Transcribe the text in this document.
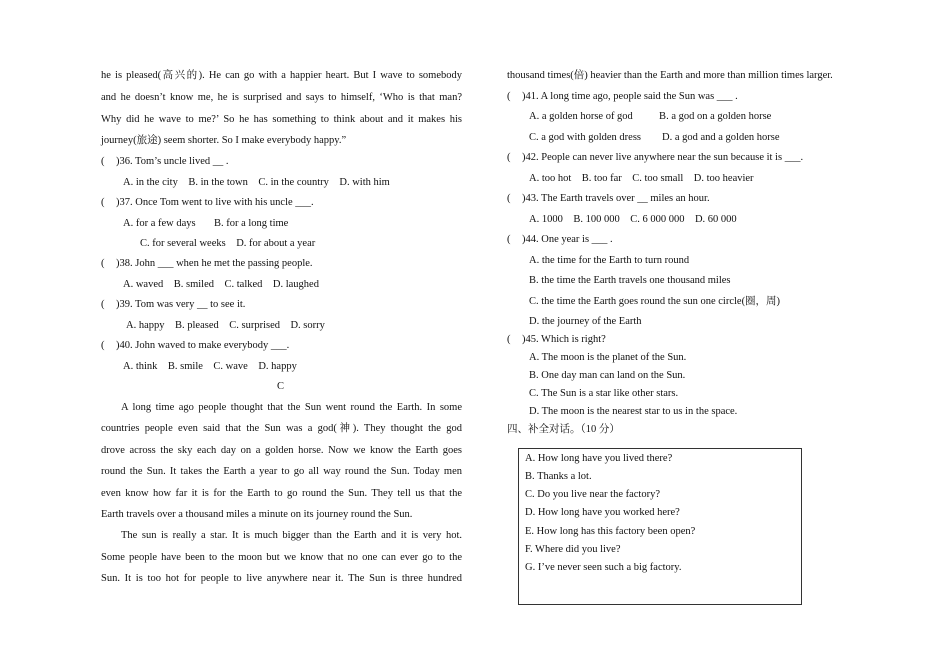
he is pleased(高兴的). He can go with a happier heart. But I wave to somebody
and he doesn’t know me, he is surprised and says to himself, ‘Who is that man?
Why did he wave to me?’ So he has something to think about and it makes his
journey(旅途) seem shorter. So I make everybody happy.”
( )36. Tom’s uncle lived __ .
A. in the city    B. in the town    C. in the country    D. with him
( )37. Once Tom went to live with his uncle ___.
A. for a few days       B. for a long time
C. for several weeks    D. for about a year
( )38. John ___ when he met the passing people.
A. waved    B. smiled    C. talked    D. laughed
( )39. Tom was very __ to see it.
A. happy    B. pleased    C. surprised    D. sorry
( )40. John waved to make everybody ___.
A. think    B. smile    C. wave    D. happy
C
A long time ago people thought that the Sun went round the Earth. In some
countries people even said that the Sun was a god(神). They thought the god
drove across the sky each day on a golden horse. Now we know the Earth goes
round the Sun. It takes the Earth a year to go all way round the Sun. Today men
even know how far it is for the Earth to go round the Sun. They tell us that the
Earth travels over a thousand miles a minute on its journey round the Sun.
The sun is really a star. It is much bigger than the Earth and it is very hot.
Some people have been to the moon but we know that no one can ever go to the
Sun. It is too hot for people to live anywhere near it. The Sun is three hundred
thousand times(倍) heavier than the Earth and more than million times larger.
( )41. A long time ago, people said the Sun was ___ .
A. a golden horse of god          B. a god on a golden horse
C. a god with golden dress        D. a god and a golden horse
( )42. People can never live anywhere near the sun because it is ___.
A. too hot    B. too far    C. too small    D. too heavier
( )43. The Earth travels over __ miles an hour.
A. 1000    B. 100 000    C. 6 000 000    D. 60 000
( )44. One year is ___ .
A. the time for the Earth to turn round
B. the time the Earth travels one thousand miles
C. the time the Earth goes round the sun one circle(圈，周)
D. the journey of the Earth
( )45. Which is right?
A. The moon is the planet of the Sun.
B. One day man can land on the Sun.
C. The Sun is a star like other stars.
D. The moon is the nearest star to us in the space.
四、补全对话。（10 分）
A. How long have you lived there?
B. Thanks a lot.
C. Do you live near the factory?
D. How long have you worked here?
E. How long has this factory been open?
F. Where did you live?
G. I’ve never seen such a big factory.
